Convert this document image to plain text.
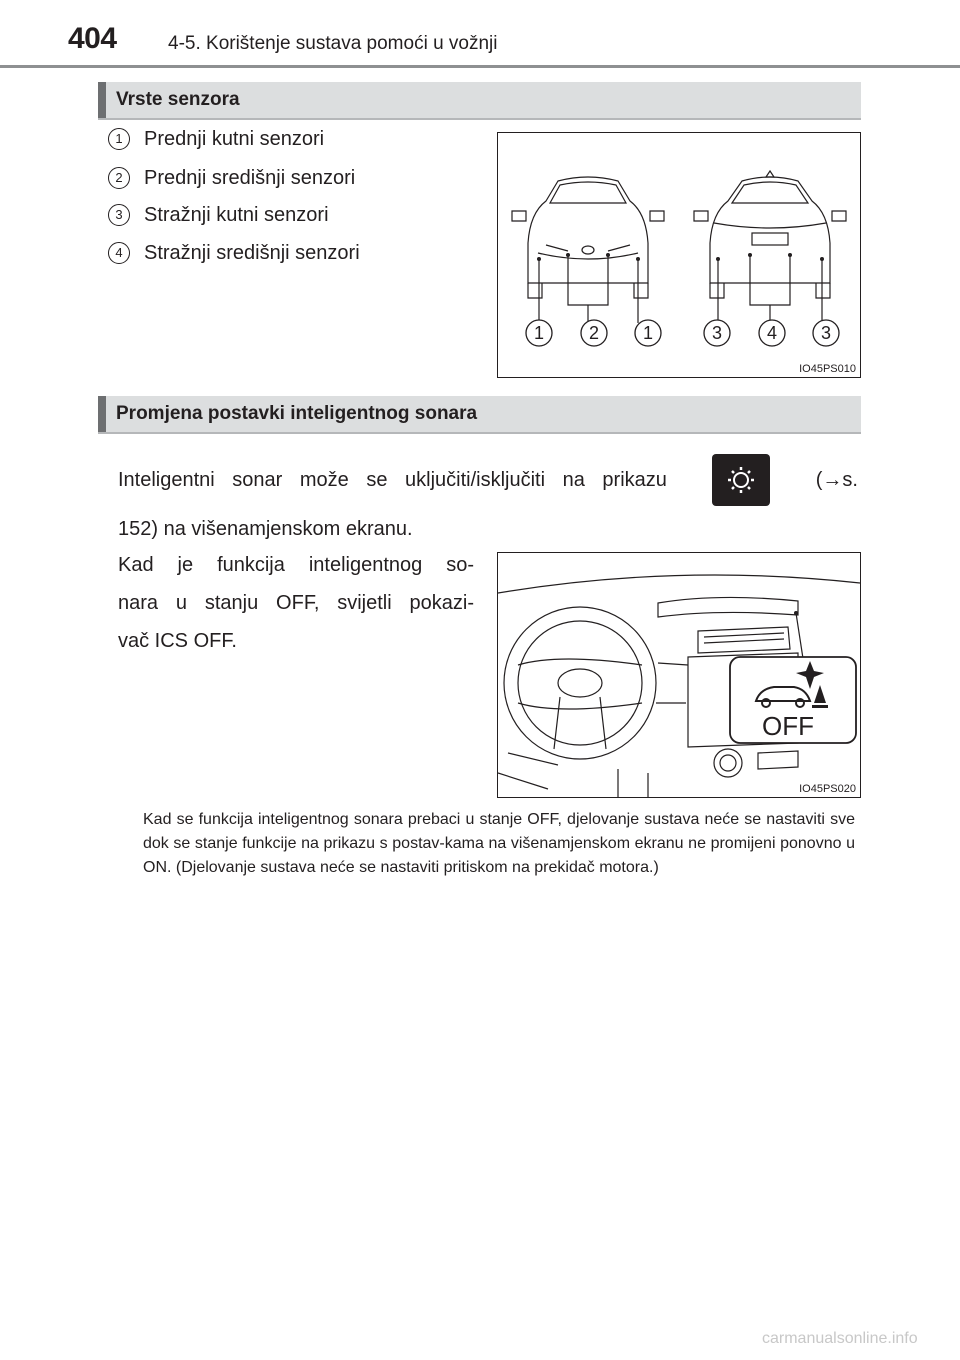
404	4-5. Korištenje sustava pomoći u vožnji
Vrste senzora
1 Prednji kutni senzori
2 Prednji središnji senzori
3 Stražnji kutni senzori
4 Stražnji središnji senzori
1 2 1	3 4 3
IO45PS010
Promjena postavki inteligentnog sonara
Inteligentni sonar može se uključiti/isključiti na prikazu	(→s.
152) na višenamjenskom ekranu.
Kad je funkcija inteligentnog so-
nara u stanju OFF, svijetli pokazi-
vač ICS OFF.
OFF
IO45PS020
Kad se funkcija inteligentnog sonara prebaci u stanje OFF, djelovanje sustava neće se nastaviti sve dok se stanje funkcije na prikazu s postav-kama na višenamjenskom ekranu ne promijeni ponovno u ON. (Djelovanje sustava neće se nastaviti pritiskom na prekidač motora.)
carmanualsonline.info
